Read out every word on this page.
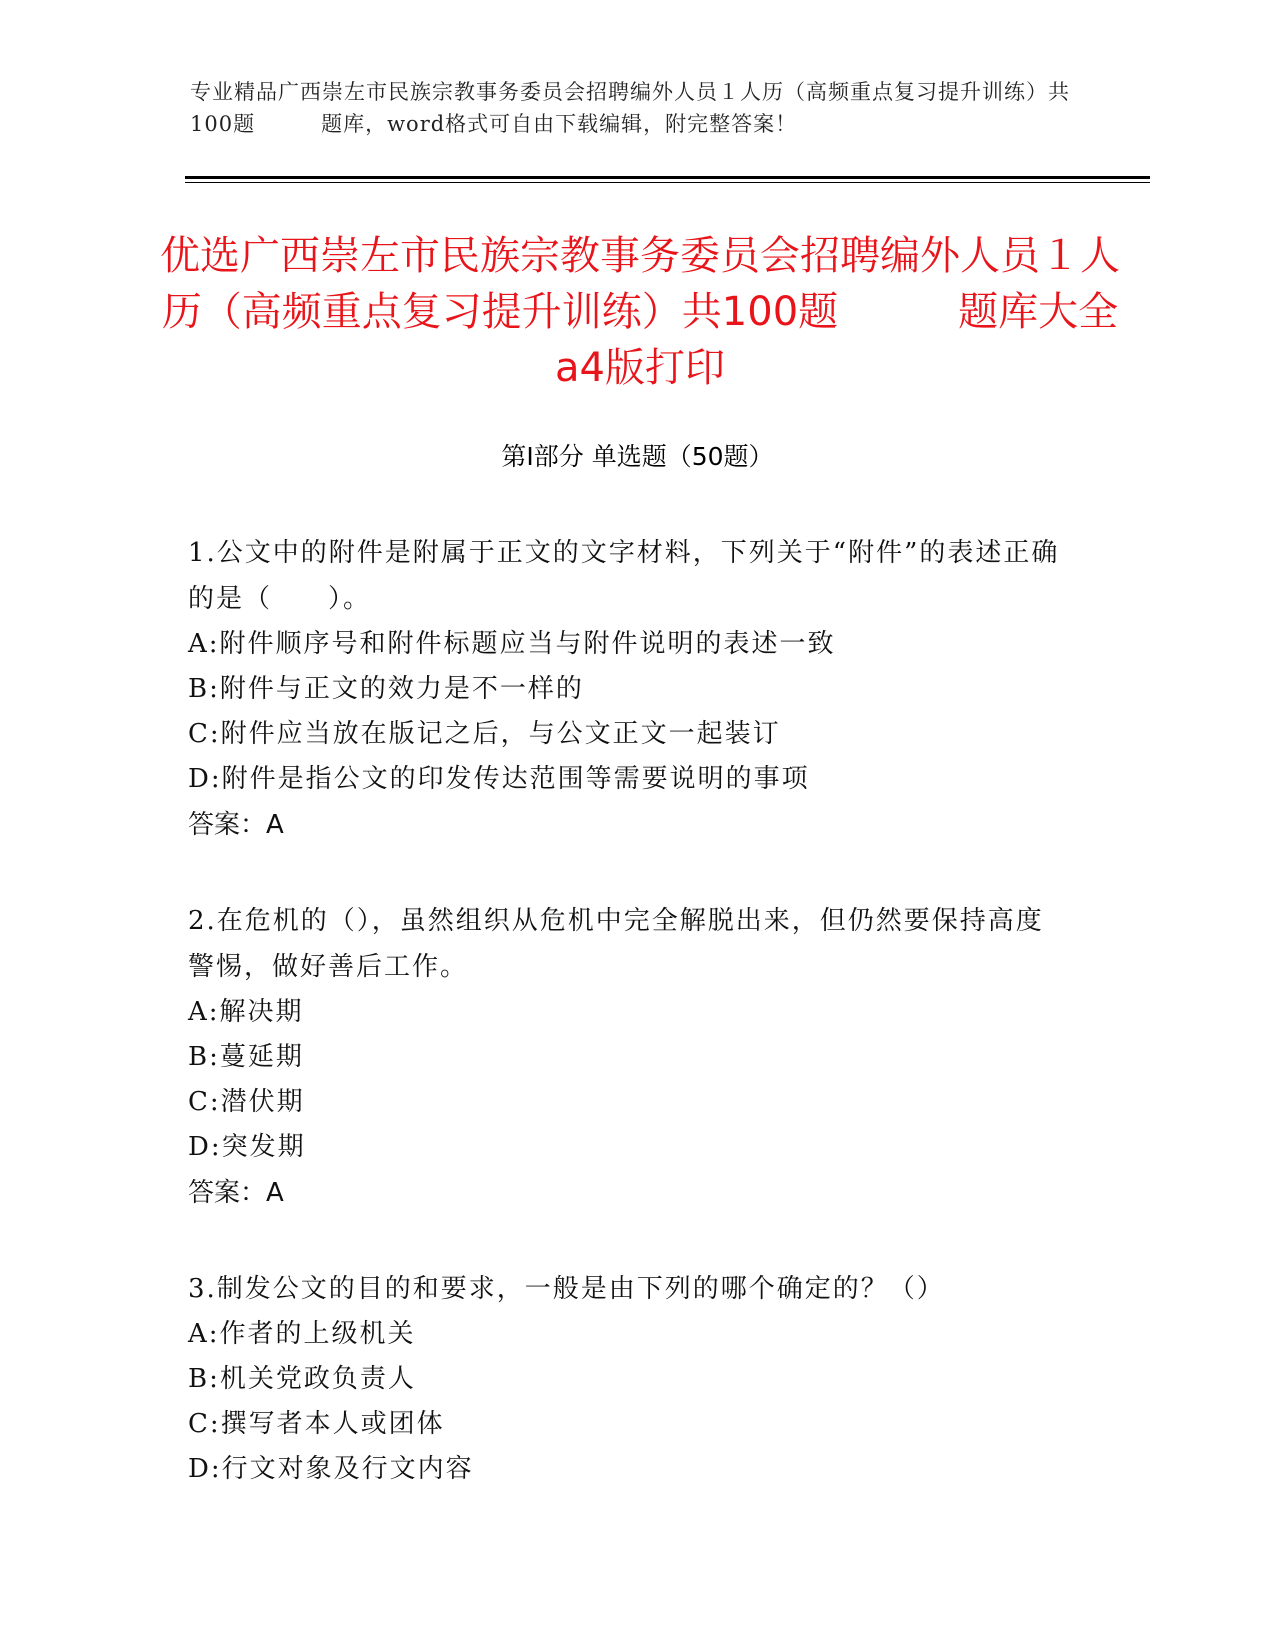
专业精品广西崇左市民族宗教事务委员会招聘编外人员１人历（高频重点复习提升训练）共100题　　　题库，word格式可自由下载编辑，附完整答案！
优选广西崇左市民族宗教事务委员会招聘编外人员１人历（高频重点复习提升训练）共100题　　　题库大全a4版打印
第Ⅰ部分 单选题（50题）

1.公文中的附件是附属于正文的文字材料，下列关于“附件”的表述正确的是（　　）。

A:附件顺序号和附件标题应当与附件说明的表述一致

B:附件与正文的效力是不一样的

C:附件应当放在版记之后，与公文正文一起装订

D:附件是指公文的印发传达范围等需要说明的事项

答案：A

2.在危机的（），虽然组织从危机中完全解脱出来，但仍然要保持高度警惕，做好善后工作。

A:解决期

B:蔓延期

C:潜伏期

D:突发期

答案：A

3.制发公文的目的和要求，一般是由下列的哪个确定的？（）

A:作者的上级机关

B:机关党政负责人

C:撰写者本人或团体

D:行文对象及行文内容
